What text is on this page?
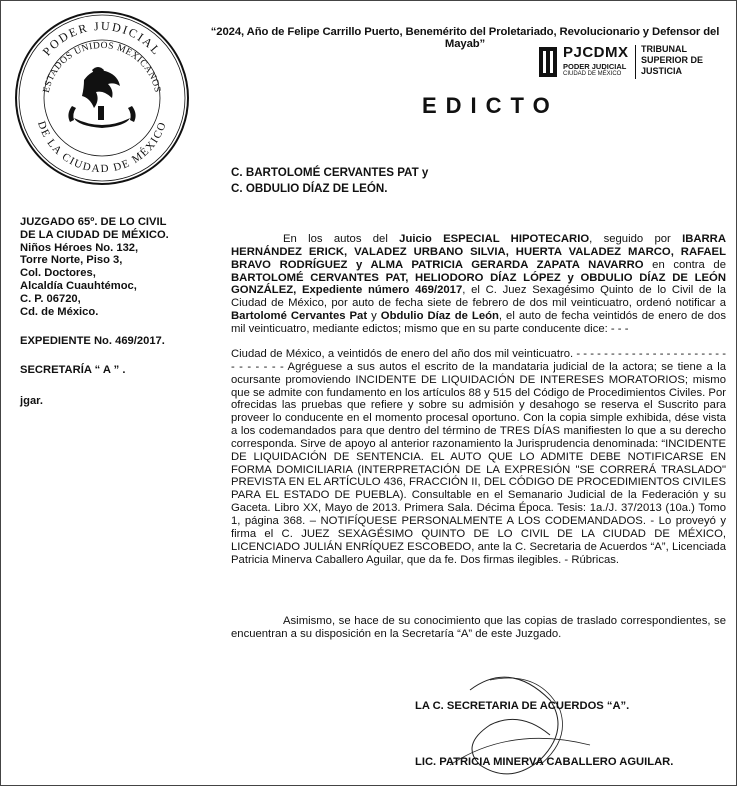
PODER JUDICIAL
ESTADOS UNIDOS MEXICANOS
DE LA CIUDAD DE MÉXICO
“2024, Año de Felipe Carrillo Puerto, Benemérito del Proletariado, Revolucionario y Defensor del Mayab”	PJCDMX
PODER JUDICIAL
CIUDAD DE MÉXICO
TRIBUNAL
SUPERIOR DE
JUSTICIA
EDICTO
C. BARTOLOMÉ CERVANTES PAT y
C. OBDULIO DÍAZ DE LEÓN.
JUZGADO 65º. DE LO CIVIL
DE LA CIUDAD DE MÉXICO.
Niños Héroes No. 132,
Torre Norte, Piso 3,
Col. Doctores,
Alcaldía Cuauhtémoc,
C. P. 06720,
Cd. de México.
EXPEDIENTE No. 469/2017.
SECRETARÍA “ A ” .
jgar.
En los autos del Juicio ESPECIAL HIPOTECARIO, seguido por IBARRA HERNÁNDEZ ERICK, VALADEZ URBANO SILVIA, HUERTA VALADEZ MARCO, RAFAEL BRAVO RODRÍGUEZ y ALMA PATRICIA GERARDA ZAPATA NAVARRO en contra de BARTOLOMÉ CERVANTES PAT, HELIODORO DÍAZ LÓPEZ y OBDULIO DÍAZ DE LEÓN GONZÁLEZ, Expediente número 469/2017, el C. Juez Sexagésimo Quinto de lo Civil de la Ciudad de México, por auto de fecha siete de febrero de dos mil veinticuatro, ordenó notificar a Bartolomé Cervantes Pat y Obdulio Díaz de León, el auto de fecha veintidós de enero de dos mil veinticuatro, mediante edictos; mismo que en su parte conducente dice: - - -
Ciudad de México, a veintidós de enero del año dos mil veinticuatro. - - - - - - - - - - - - - - - - - - - - - - - - - - - - - Agréguese a sus autos el escrito de la mandataria judicial de la actora; se tiene a la ocursante promoviendo INCIDENTE DE LIQUIDACIÓN DE INTERESES MORATORIOS; mismo que se admite con fundamento en los artículos 88 y 515 del Código de Procedimientos Civiles. Por ofrecidas las pruebas que refiere y sobre su admisión y desahogo se reserva el Suscrito para proveer lo conducente en el momento procesal oportuno. Con la copia simple exhibida, dése vista a los codemandados para que dentro del término de TRES DÍAS manifiesten lo que a su derecho corresponda. Sirve de apoyo al anterior razonamiento la Jurisprudencia denominada: “INCIDENTE DE LIQUIDACIÓN DE SENTENCIA. EL AUTO QUE LO ADMITE DEBE NOTIFICARSE EN FORMA DOMICILIARIA (INTERPRETACIÓN DE LA EXPRESIÓN "SE CORRERÁ TRASLADO" PREVISTA EN EL ARTÍCULO 436, FRACCIÓN II, DEL CÓDIGO DE PROCEDIMIENTOS CIVILES PARA EL ESTADO DE PUEBLA). Consultable en el Semanario Judicial de la Federación y su Gaceta. Libro XX, Mayo de 2013. Primera Sala. Décima Época. Tesis: 1a./J. 37/2013 (10a.) Tomo 1, página 368. – NOTIFÍQUESE PERSONALMENTE A LOS CODEMANDADOS. - Lo proveyó y firma el C. JUEZ SEXAGÉSIMO QUINTO DE LO CIVIL DE LA CIUDAD DE MÉXICO, LICENCIADO JULIÁN ENRÍQUEZ ESCOBEDO, ante la C. Secretaria de Acuerdos “A”, Licenciada Patricia Minerva Caballero Aguilar, que da fe. Dos firmas ilegibles. - Rúbricas.
Asimismo, se hace de su conocimiento que las copias de traslado correspondientes, se encuentran a su disposición en la Secretaría “A” de este Juzgado.
LA C. SECRETARIA DE ACUERDOS “A”.
LIC. PATRICIA MINERVA CABALLERO AGUILAR.
